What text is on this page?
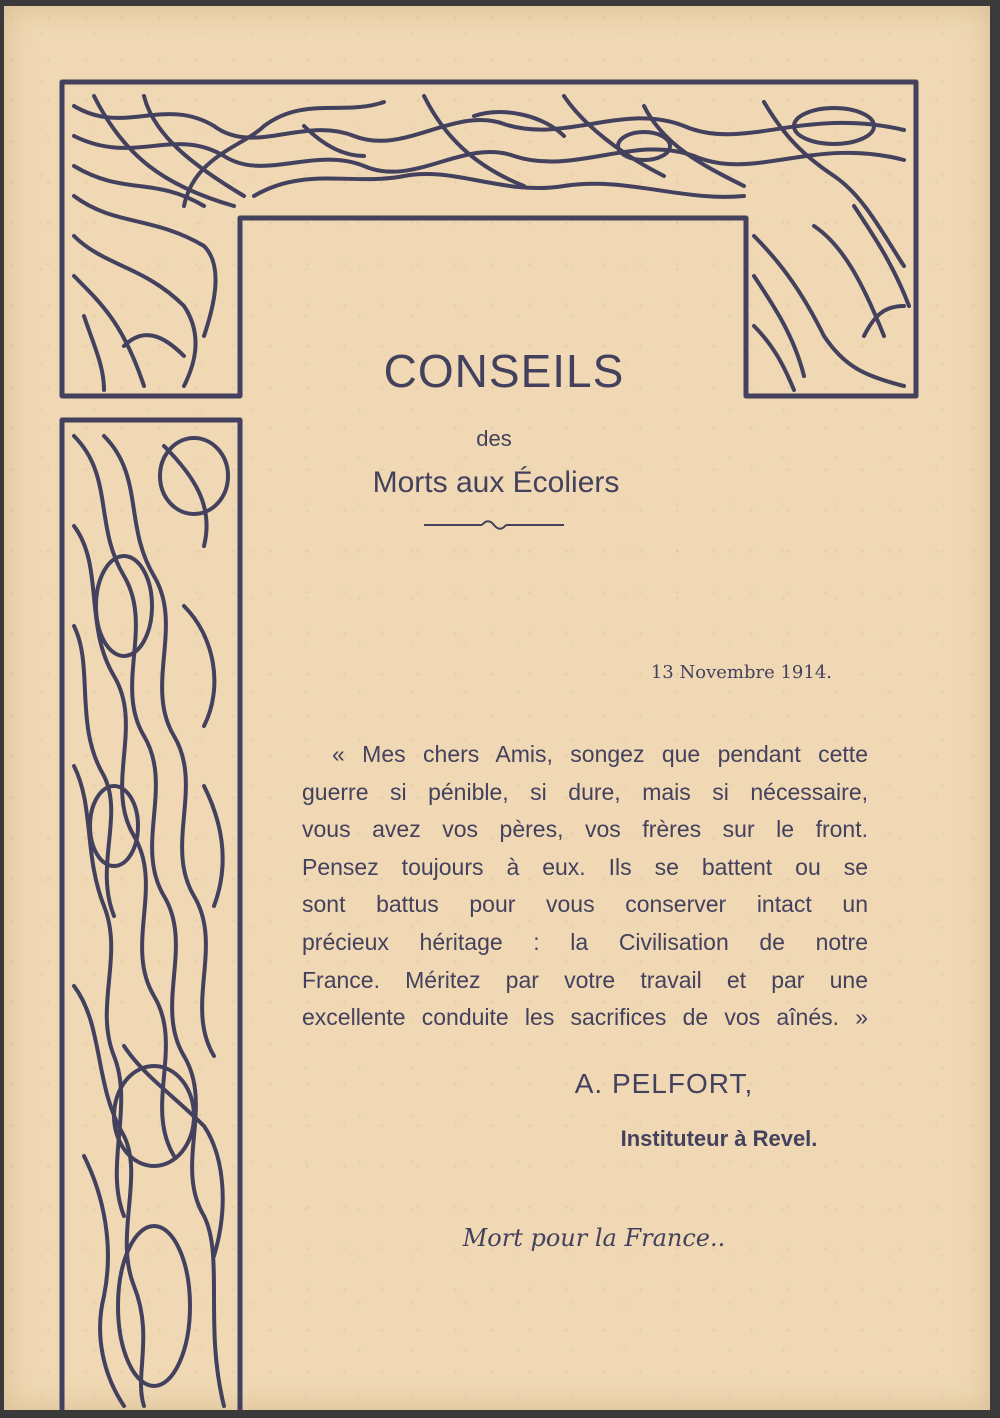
CONSEILS
des
Morts aux Écoliers
13 Novembre 1914.
« Mes chers Amis, songez que pendant cette
guerre si pénible, si dure, mais si nécessaire,
vous avez vos pères, vos frères sur le front.
Pensez toujours à eux. Ils se battent ou se
sont battus pour vous conserver intact un
précieux héritage : la Civilisation de notre
France. Méritez par votre travail et par une
excellente conduite les sacrifices de vos aînés. »
A. PELFORT,
Instituteur à Revel.
Mort pour la France..
